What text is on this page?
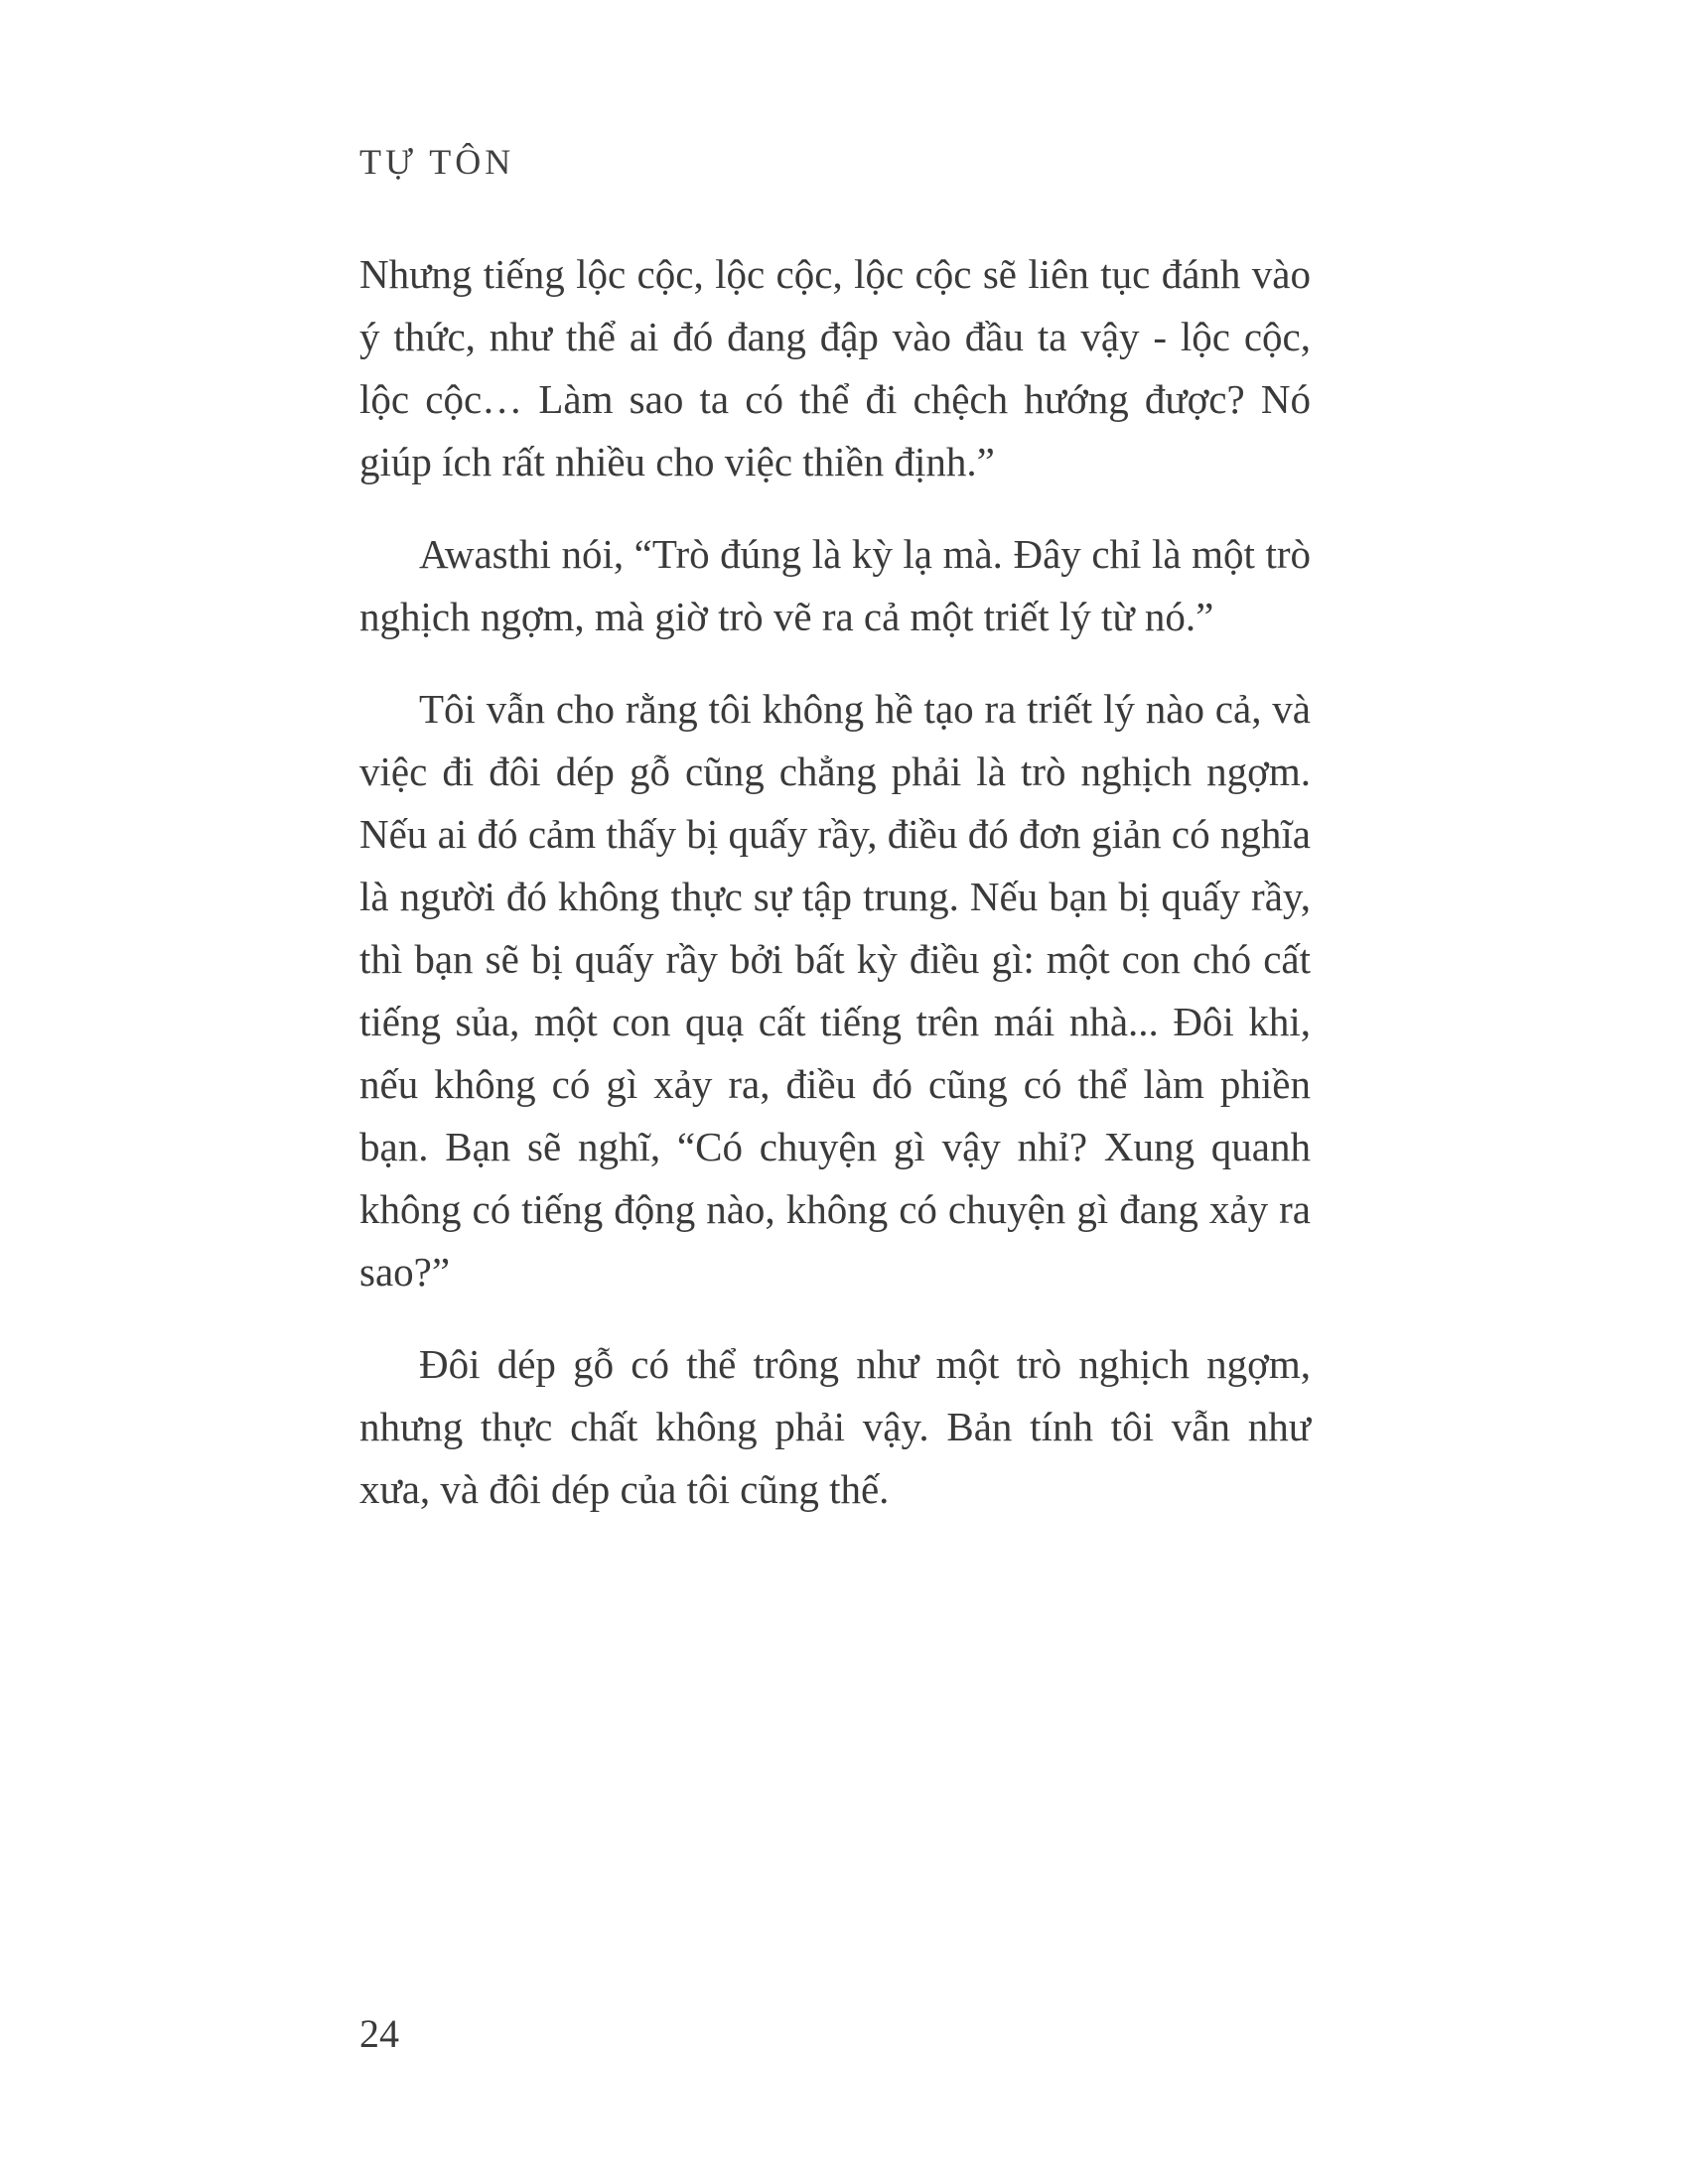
TỰ TÔN

Nhưng tiếng lộc cộc, lộc cộc, lộc cộc sẽ liên tục đánh vào ý thức, như thể ai đó đang đập vào đầu ta vậy - lộc cộc, lộc cộc… Làm sao ta có thể đi chệch hướng được? Nó giúp ích rất nhiều cho việc thiền định.”

Awasthi nói, “Trò đúng là kỳ lạ mà. Đây chỉ là một trò nghịch ngợm, mà giờ trò vẽ ra cả một triết lý từ nó.”

Tôi vẫn cho rằng tôi không hề tạo ra triết lý nào cả, và việc đi đôi dép gỗ cũng chẳng phải là trò nghịch ngợm. Nếu ai đó cảm thấy bị quấy rầy, điều đó đơn giản có nghĩa là người đó không thực sự tập trung. Nếu bạn bị quấy rầy, thì bạn sẽ bị quấy rầy bởi bất kỳ điều gì: một con chó cất tiếng sủa, một con quạ cất tiếng trên mái nhà... Đôi khi, nếu không có gì xảy ra, điều đó cũng có thể làm phiền bạn. Bạn sẽ nghĩ, “Có chuyện gì vậy nhỉ? Xung quanh không có tiếng động nào, không có chuyện gì đang xảy ra sao?”

Đôi dép gỗ có thể trông như một trò nghịch ngợm, nhưng thực chất không phải vậy. Bản tính tôi vẫn như xưa, và đôi dép của tôi cũng thế.

24
